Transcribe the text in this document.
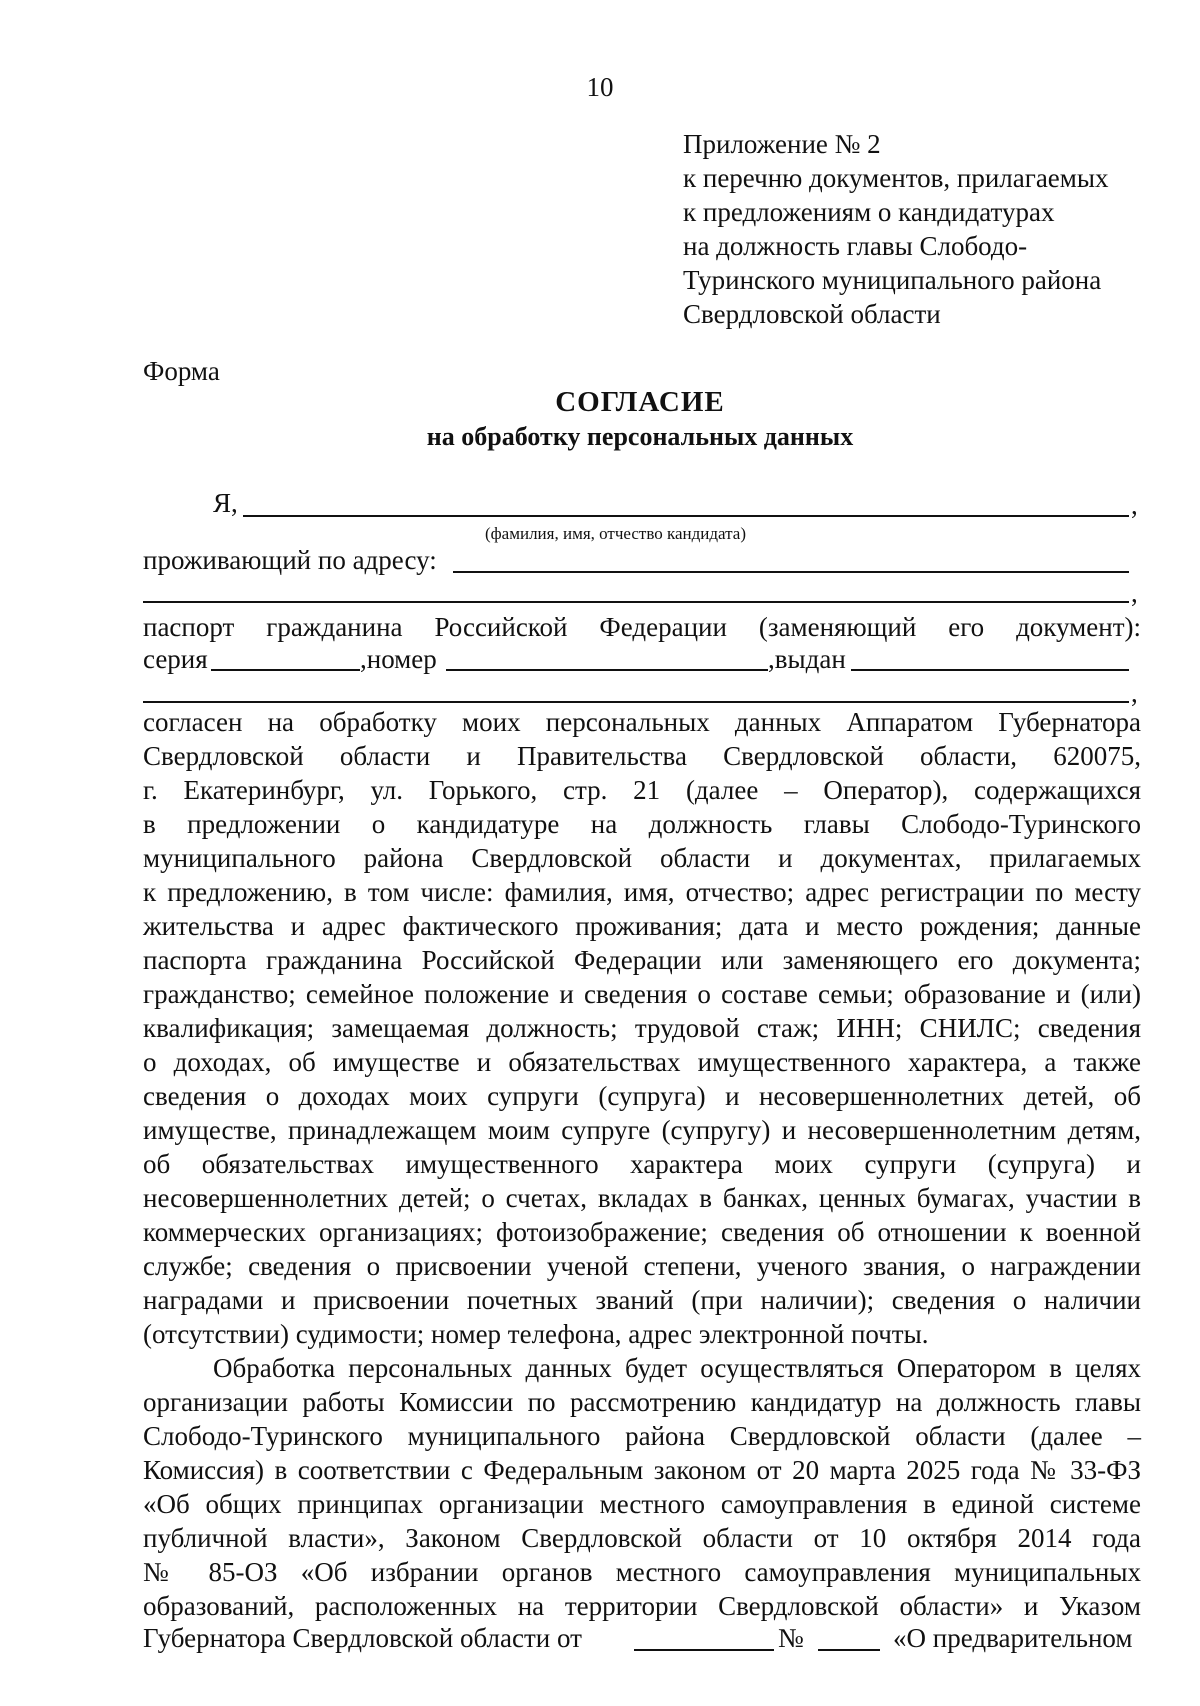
10
Приложение № 2
к перечню документов, прилагаемых
к предложениям о кандидатурах
на должность главы Слободо-
Туринского муниципального района
Свердловской области
Форма
СОГЛАСИЕ
на обработку персональных данных
Я,	,
(фамилия, имя, отчество кандидата)
проживающий по адресу:
,
паспорт гражданина Российской Федерации (заменяющий его документ):
серия	,номер	,выдан
,
согласен на обработку моих персональных данных Аппаратом Губернатора
Свердловской области и Правительства Свердловской области, 620075,
г. Екатеринбург, ул. Горького, стр. 21 (далее – Оператор), содержащихся
в предложении о кандидатуре на должность главы Слободо-Туринского
муниципального района Свердловской области и документах, прилагаемых
к предложению, в том числе: фамилия, имя, отчество; адрес регистрации по месту
жительства и адрес фактического проживания; дата и место рождения; данные
паспорта гражданина Российской Федерации или заменяющего его документа;
гражданство; семейное положение и сведения о составе семьи; образование и (или)
квалификация; замещаемая должность; трудовой стаж; ИНН; СНИЛС; сведения
о доходах, об имуществе и обязательствах имущественного характера, а также
сведения о доходах моих супруги (супруга) и несовершеннолетних детей, об
имуществе, принадлежащем моим супруге (супругу) и несовершеннолетним детям,
об обязательствах имущественного характера моих супруги (супруга) и
несовершеннолетних детей; о счетах, вкладах в банках, ценных бумагах, участии в
коммерческих организациях; фотоизображение; сведения об отношении к военной
службе; сведения о присвоении ученой степени, ученого звания, о награждении
наградами и присвоении почетных званий (при наличии); сведения о наличии
(отсутствии) судимости; номер телефона, адрес электронной почты.
Обработка персональных данных будет осуществляться Оператором в целях
организации работы Комиссии по рассмотрению кандидатур на должность главы
Слободо-Туринского муниципального района Свердловской области (далее –
Комиссия) в соответствии с Федеральным законом от 20 марта 2025 года № 33-ФЗ
«Об общих принципах организации местного самоуправления в единой системе
публичной власти», Законом Свердловской области от 10 октября 2014 года
№ 85-ОЗ «Об избрании органов местного самоуправления муниципальных
образований, расположенных на территории Свердловской области» и Указом
Губернатора Свердловской области от	№	«О предварительном
